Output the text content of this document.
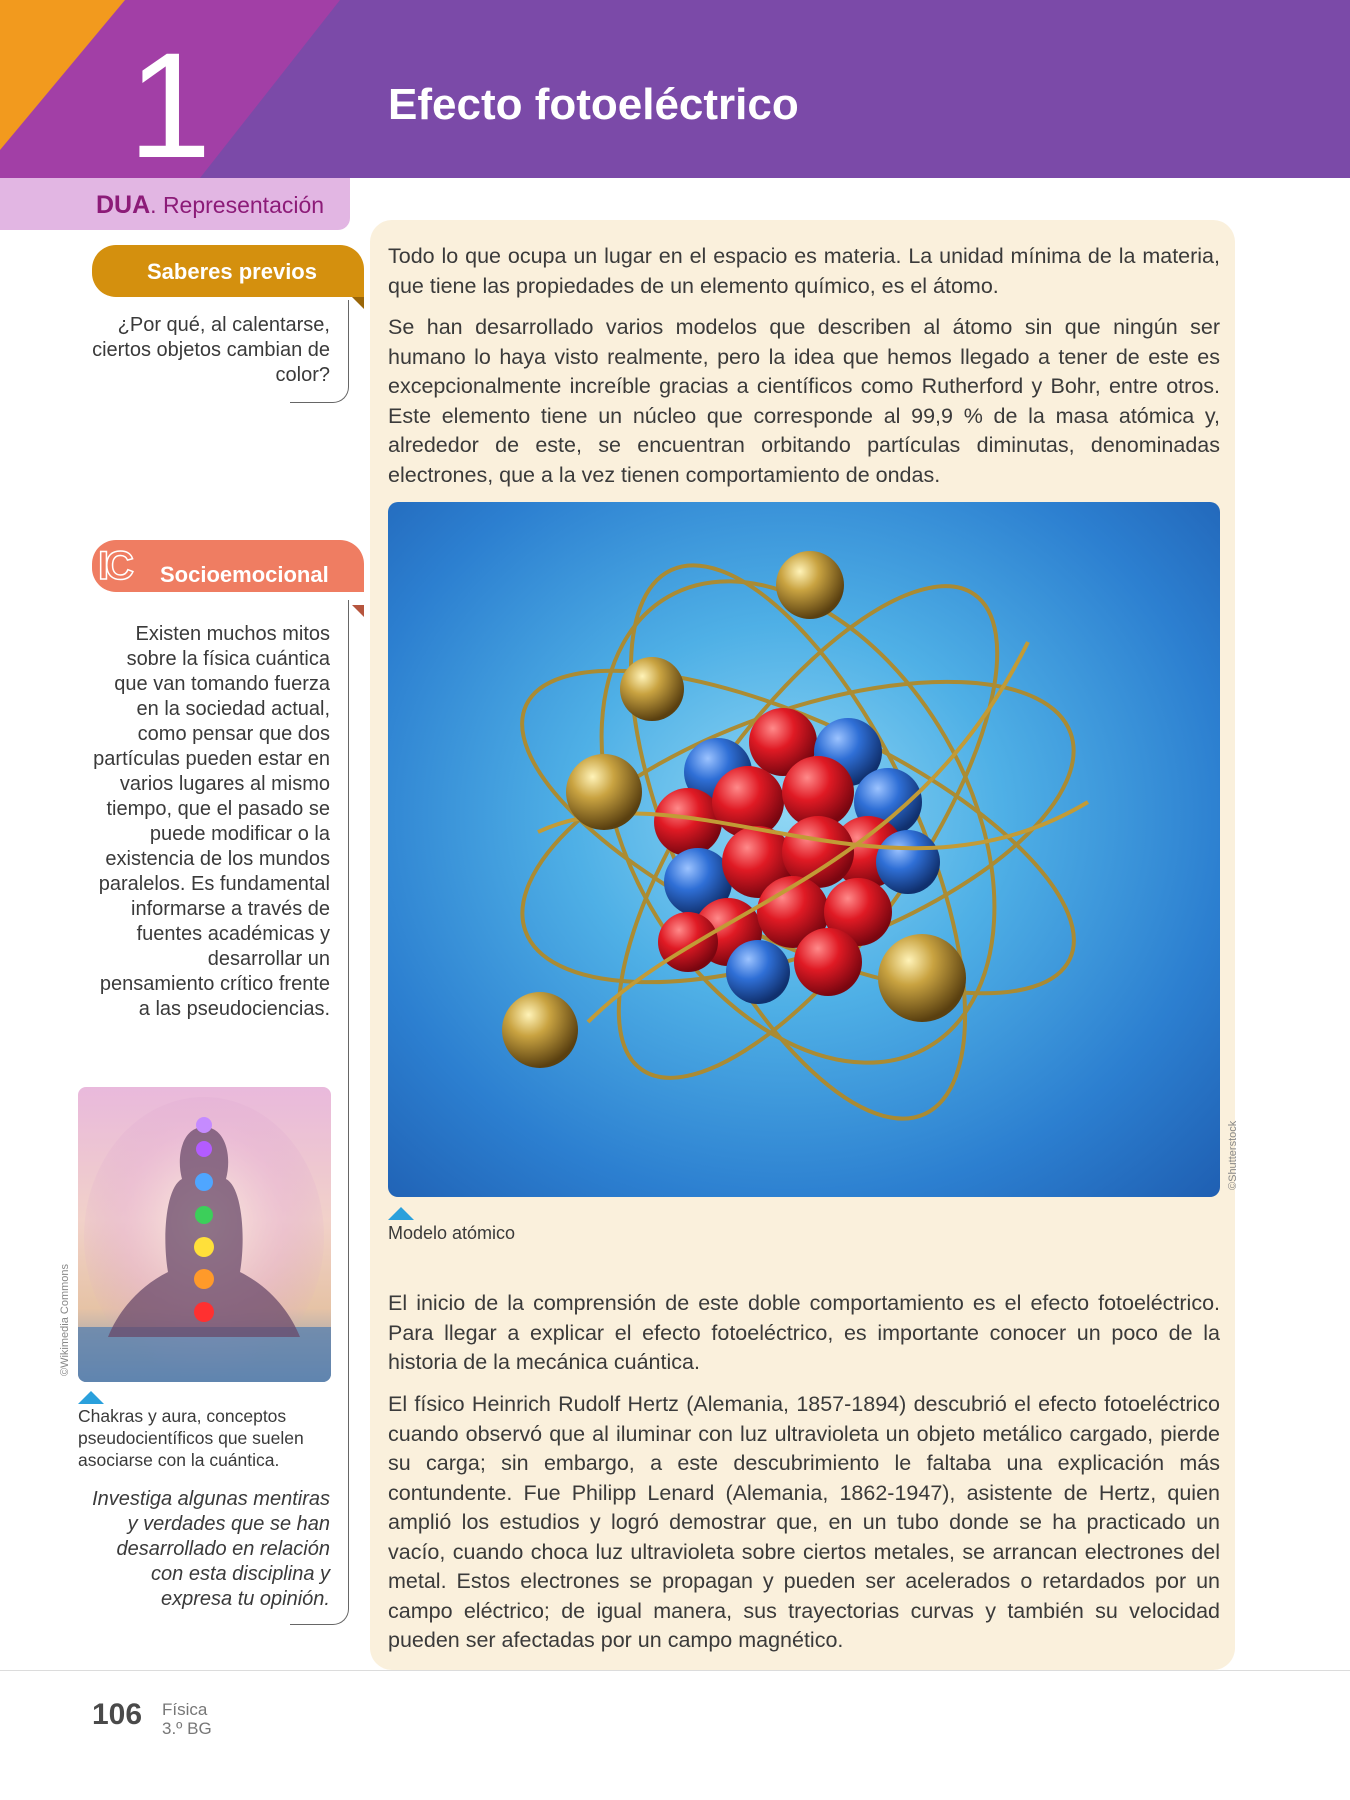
1	Efecto fotoeléctrico
DUA. Representación

Todo lo que ocupa un lugar en el espacio es materia. La unidad mínima de la materia, que tiene las propiedades de un elemento químico, es el átomo.

Se han desarrollado varios modelos que describen al átomo sin que ningún ser humano lo haya visto realmente, pero la idea que hemos llegado a tener de este es excepcionalmente increíble gracias a científicos como Rutherford y Bohr, entre otros. Este elemento tiene un núcleo que corresponde al 99,9 % de la masa atómica y, alrededor de este, se encuentran orbitando partículas diminutas, denominadas electrones, que a la vez tienen comportamiento de ondas.

©Shutterstock
Modelo atómico

El inicio de la comprensión de este doble comportamiento es el efecto fotoeléctrico. Para llegar a explicar el efecto fotoeléctrico, es importante conocer un poco de la historia de la mecánica cuántica.

El físico Heinrich Rudolf Hertz (Alemania, 1857-1894) descubrió el efecto fotoeléctrico cuando observó que al iluminar con luz ultravioleta un objeto metálico cargado, pierde su carga; sin embargo, a este descubrimiento le faltaba una explicación más contundente. Fue Philipp Lenard (Alemania, 1862-1947), asistente de Hertz, quien amplió los estudios y logró demostrar que, en un tubo donde se ha practicado un vacío, cuando choca luz ultravioleta sobre ciertos metales, se arrancan electrones del metal. Estos electrones se propagan y pueden ser acelerados o retardados por un campo eléctrico; de igual manera, sus trayectorias curvas y también su velocidad pueden ser afectadas por un campo magnético.

Saberes previos
¿Por qué, al calentarse, ciertos objetos cambian de color?
IC Socioemocional
Existen muchos mitos sobre la física cuántica que van tomando fuerza en la sociedad actual, como pensar que dos partículas pueden estar en varios lugares al mismo tiempo, que el pasado se puede modificar o la existencia de los mundos paralelos. Es fundamental informarse a través de fuentes académicas y desarrollar un pensamiento crítico frente a las pseudociencias.
©Wikimedia Commons
Chakras y aura, conceptos pseudocientíficos que suelen asociarse con la cuántica.
Investiga algunas mentiras y verdades que se han desarrollado en relación con esta disciplina y expresa tu opinión.
106 Física
3.º BG
